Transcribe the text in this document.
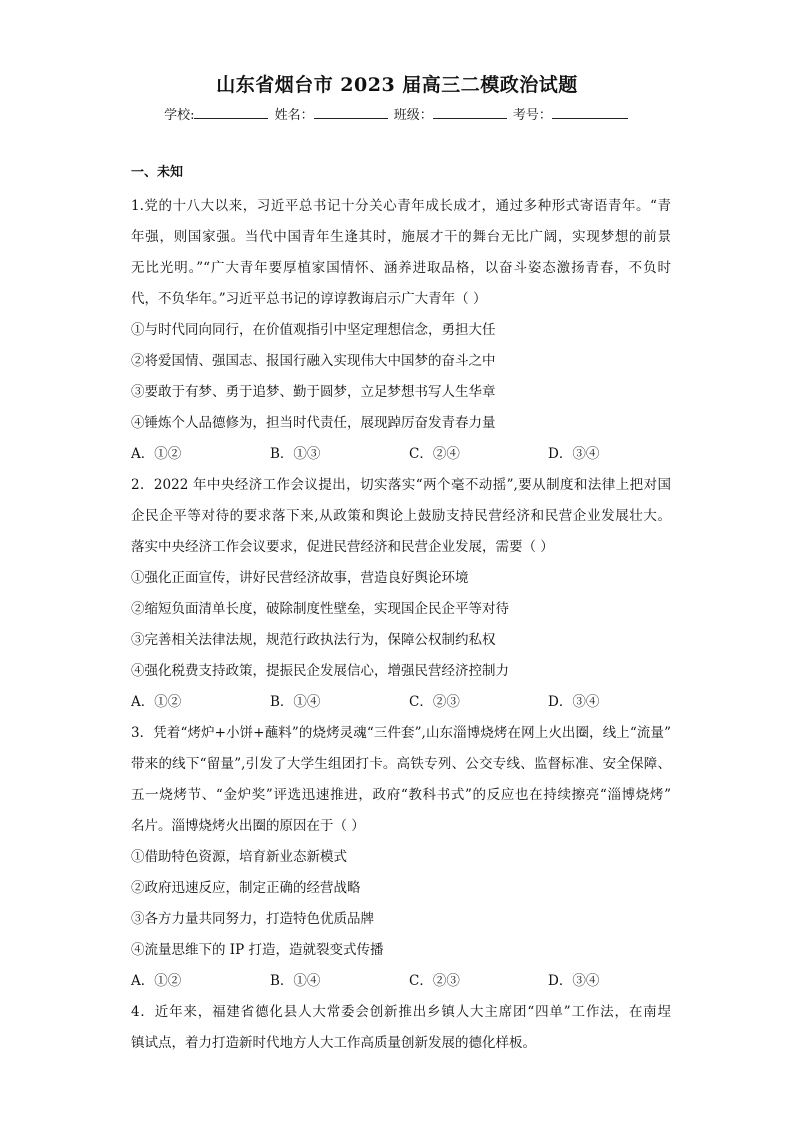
山东省烟台市 2023 届高三二模政治试题
学校:	姓名：	班级：	考号：
一、未知
1.党的十八大以来，习近平总书记十分关心青年成长成才，通过多种形式寄语青年。“青
年强，则国家强。当代中国青年生逢其时，施展才干的舞台无比广阔，实现梦想的前景
无比光明。”“广大青年要厚植家国情怀、涵养进取品格，以奋斗姿态激扬青春，不负时
代，不负华年。”习近平总书记的谆谆教诲启示广大青年（ ）
①与时代同向同行，在价值观指引中坚定理想信念，勇担大任
②将爱国情、强国志、报国行融入实现伟大中国梦的奋斗之中
③要敢于有梦、勇于追梦、勤于圆梦，立足梦想书写人生华章
④锤炼个人品德修为，担当时代责任，展现踔厉奋发青春力量
A．①②	B．①③	C．②④	D．③④
2．2022 年中央经济工作会议提出，切实落实“两个毫不动摇”,要从制度和法律上把对国
企民企平等对待的要求落下来,从政策和舆论上鼓励支持民营经济和民营企业发展壮大。
落实中央经济工作会议要求，促进民营经济和民营企业发展，需要（ ）
①强化正面宣传，讲好民营经济故事，营造良好舆论环境
②缩短负面清单长度，破除制度性壁垒，实现国企民企平等对待
③完善相关法律法规，规范行政执法行为，保障公权制约私权
④强化税费支持政策，提振民企发展信心，增强民营经济控制力
A．①②	B．①④	C．②③	D．③④
3．凭着“烤炉+小饼+蘸料”的烧烤灵魂“三件套”,山东淄博烧烤在网上火出圈，线上“流量”
带来的线下“留量”,引发了大学生组团打卡。高铁专列、公交专线、监督标准、安全保障、
五一烧烤节、“金炉奖”评选迅速推进，政府“教科书式”的反应也在持续擦亮“淄博烧烤”
名片。淄博烧烤火出圈的原因在于（ ）
①借助特色资源，培育新业态新模式
②政府迅速反应，制定正确的经营战略
③各方力量共同努力，打造特色优质品牌
④流量思维下的 IP 打造，造就裂变式传播
A．①②	B．①④	C．②③	D．③④
4．近年来，福建省德化县人大常委会创新推出乡镇人大主席团“四单”工作法，在南埕
镇试点，着力打造新时代地方人大工作高质量创新发展的德化样板。
